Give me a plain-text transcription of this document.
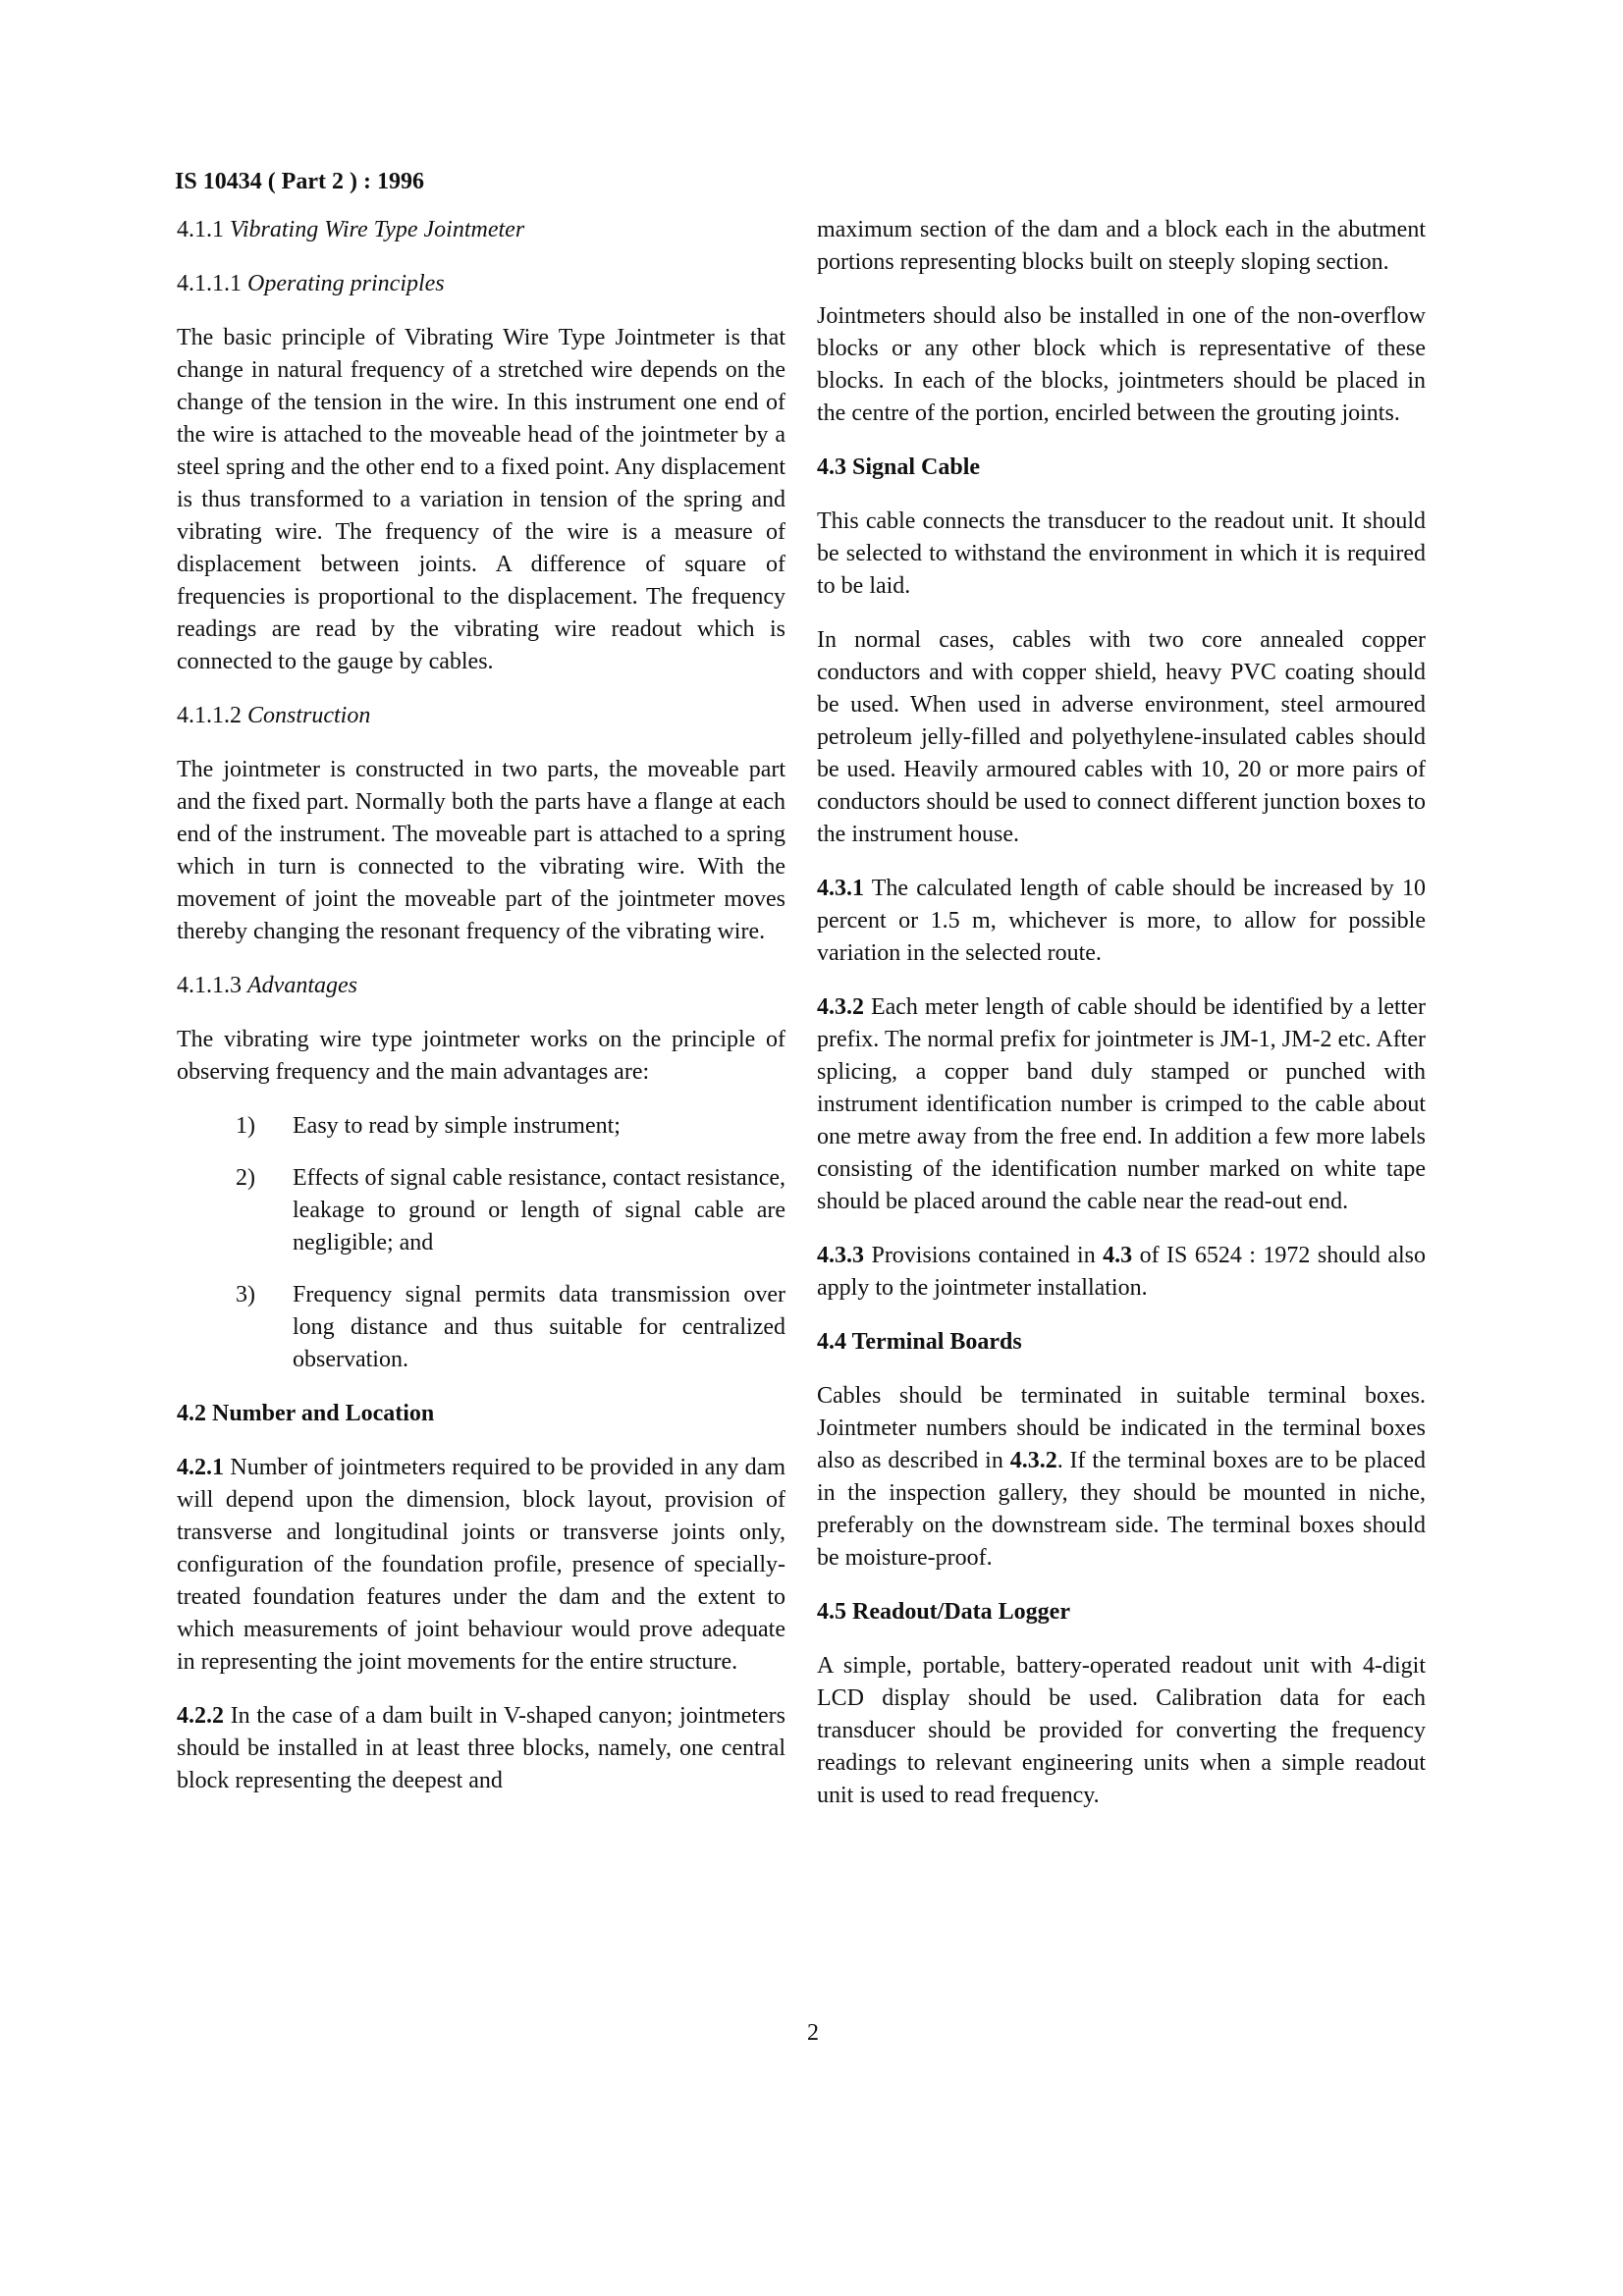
IS 10434 ( Part 2 ) : 1996
4.1.1 Vibrating Wire Type Jointmeter
4.1.1.1 Operating principles

The basic principle of Vibrating Wire Type Jointmeter is that change in natural frequency of a stretched wire depends on the change of the tension in the wire. In this instrument one end of the wire is attached to the moveable head of the jointmeter by a steel spring and the other end to a fixed point. Any displacement is thus transformed to a variation in tension of the spring and vibrating wire. The frequency of the wire is a measure of displacement between joints. A difference of square of frequencies is proportional to the displacement. The frequency readings are read by the vibrating wire readout which is connected to the gauge by cables.

4.1.1.2 Construction

The jointmeter is constructed in two parts, the moveable part and the fixed part. Normally both the parts have a flange at each end of the instrument. The moveable part is attached to a spring which in turn is connected to the vibrating wire. With the movement of joint the moveable part of the jointmeter moves thereby changing the resonant frequency of the vibrating wire.

4.1.1.3 Advantages

The vibrating wire type jointmeter works on the principle of observing frequency and the main advantages are:

1)	Easy to read by simple instrument;
2)	Effects of signal cable resistance, contact resistance, leakage to ground or length of signal cable are negligible; and
3)	Frequency signal permits data transmission over long distance and thus suitable for centralized observation.
4.2 Number and Location

4.2.1 Number of jointmeters required to be provided in any dam will depend upon the dimension, block layout, provision of transverse and longitudinal joints or transverse joints only, configuration of the foundation profile, presence of specially-treated foundation features under the dam and the extent to which measurements of joint behaviour would prove adequate in representing the joint movements for the entire structure.

4.2.2 In the case of a dam built in V-shaped canyon; jointmeters should be installed in at least three blocks, namely, one central block representing the deepest and

maximum section of the dam and a block each in the abutment portions representing blocks built on steeply sloping section.

Jointmeters should also be installed in one of the non-overflow blocks or any other block which is representative of these blocks. In each of the blocks, jointmeters should be placed in the centre of the portion, encirled between the grouting joints.

4.3 Signal Cable

This cable connects the transducer to the readout unit. It should be selected to withstand the environment in which it is required to be laid.

In normal cases, cables with two core annealed copper conductors and with copper shield, heavy PVC coating should be used. When used in adverse environment, steel armoured petroleum jelly-filled and polyethylene-insulated cables should be used. Heavily armoured cables with 10, 20 or more pairs of conductors should be used to connect different junction boxes to the instrument house.

4.3.1 The calculated length of cable should be increased by 10 percent or 1.5 m, whichever is more, to allow for possible variation in the selected route.

4.3.2 Each meter length of cable should be identified by a letter prefix. The normal prefix for jointmeter is JM-1, JM-2 etc. After splicing, a copper band duly stamped or punched with instrument identification number is crimped to the cable about one metre away from the free end. In addition a few more labels consisting of the identification number marked on white tape should be placed around the cable near the read-out end.

4.3.3 Provisions contained in 4.3 of IS 6524 : 1972 should also apply to the jointmeter installation.

4.4 Terminal Boards

Cables should be terminated in suitable terminal boxes. Jointmeter numbers should be indicated in the terminal boxes also as described in 4.3.2. If the terminal boxes are to be placed in the inspection gallery, they should be mounted in niche, preferably on the downstream side. The terminal boxes should be moisture-proof.

4.5 Readout/Data Logger

A simple, portable, battery-operated readout unit with 4-digit LCD display should be used. Calibration data for each transducer should be provided for converting the frequency readings to relevant engineering units when a simple readout unit is used to read frequency.

2
